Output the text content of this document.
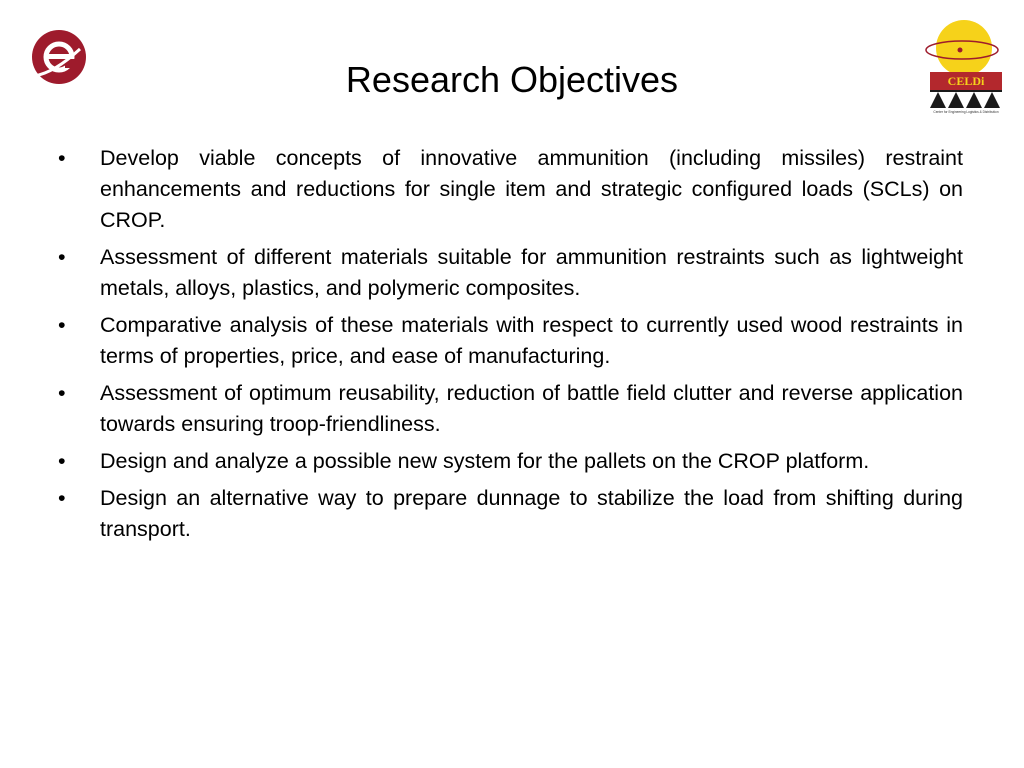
CELDi
Center for Engineering Logistics & Distribution
Research Objectives
• Develop viable concepts of innovative ammunition (including missiles) restraint enhancements and reductions for single item and strategic configured loads (SCLs) on CROP.
• Assessment of different materials suitable for ammunition restraints such as lightweight metals, alloys, plastics, and polymeric composites.
• Comparative analysis of these materials with respect to currently used wood restraints in terms of properties, price, and ease of manufacturing.
• Assessment of optimum reusability, reduction of battle field clutter and reverse application towards ensuring troop-friendliness.
• Design and analyze a possible new system for the pallets on the CROP platform.
• Design an alternative way to prepare dunnage to stabilize the load from shifting during transport.
